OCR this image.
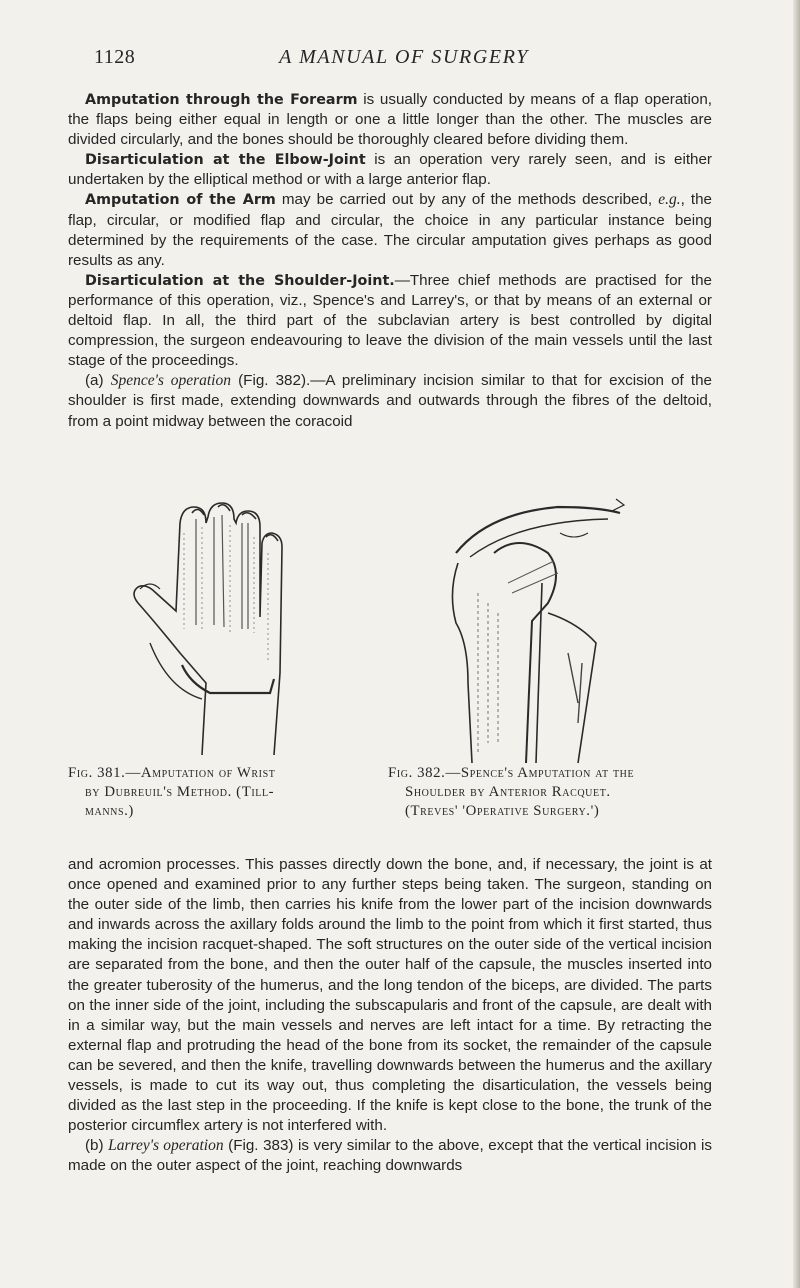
1128	A MANUAL OF SURGERY

Amputation through the Forearm is usually conducted by means of a flap operation, the flaps being either equal in length or one a little longer than the other. The muscles are divided circularly, and the bones should be thoroughly cleared before dividing them.

Disarticulation at the Elbow-Joint is an operation very rarely seen, and is either undertaken by the elliptical method or with a large anterior flap.

Amputation of the Arm may be carried out by any of the methods described, e.g., the flap, circular, or modified flap and circular, the choice in any particular instance being determined by the requirements of the case. The circular amputation gives perhaps as good results as any.

Disarticulation at the Shoulder-Joint.—Three chief methods are practised for the performance of this operation, viz., Spence's and Larrey's, or that by means of an external or deltoid flap. In all, the third part of the subclavian artery is best controlled by digital compression, the surgeon endeavouring to leave the division of the main vessels until the last stage of the proceedings.

(a) Spence's operation (Fig. 382).—A preliminary incision similar to that for excision of the shoulder is first made, extending downwards and outwards through the fibres of the deltoid, from a point midway between the coracoid

Fig. 381.—Amputation of Wrist
by Dubreuil's Method. (Till-
manns.)
Fig. 382.—Spence's Amputation at the
Shoulder by Anterior Racquet.
(Treves' 'Operative Surgery.')

and acromion processes. This passes directly down the bone, and, if necessary, the joint is at once opened and examined prior to any further steps being taken. The surgeon, standing on the outer side of the limb, then carries his knife from the lower part of the incision downwards and inwards across the axillary folds around the limb to the point from which it first started, thus making the incision racquet-shaped. The soft structures on the outer side of the vertical incision are separated from the bone, and then the outer half of the capsule, the muscles inserted into the greater tuberosity of the humerus, and the long tendon of the biceps, are divided. The parts on the inner side of the joint, including the subscapularis and front of the capsule, are dealt with in a similar way, but the main vessels and nerves are left intact for a time. By retracting the external flap and protruding the head of the bone from its socket, the remainder of the capsule can be severed, and then the knife, travelling downwards between the humerus and the axillary vessels, is made to cut its way out, thus completing the disarticulation, the vessels being divided as the last step in the proceeding. If the knife is kept close to the bone, the trunk of the posterior circumflex artery is not interfered with.

(b) Larrey's operation (Fig. 383) is very similar to the above, except that the vertical incision is made on the outer aspect of the joint, reaching downwards
